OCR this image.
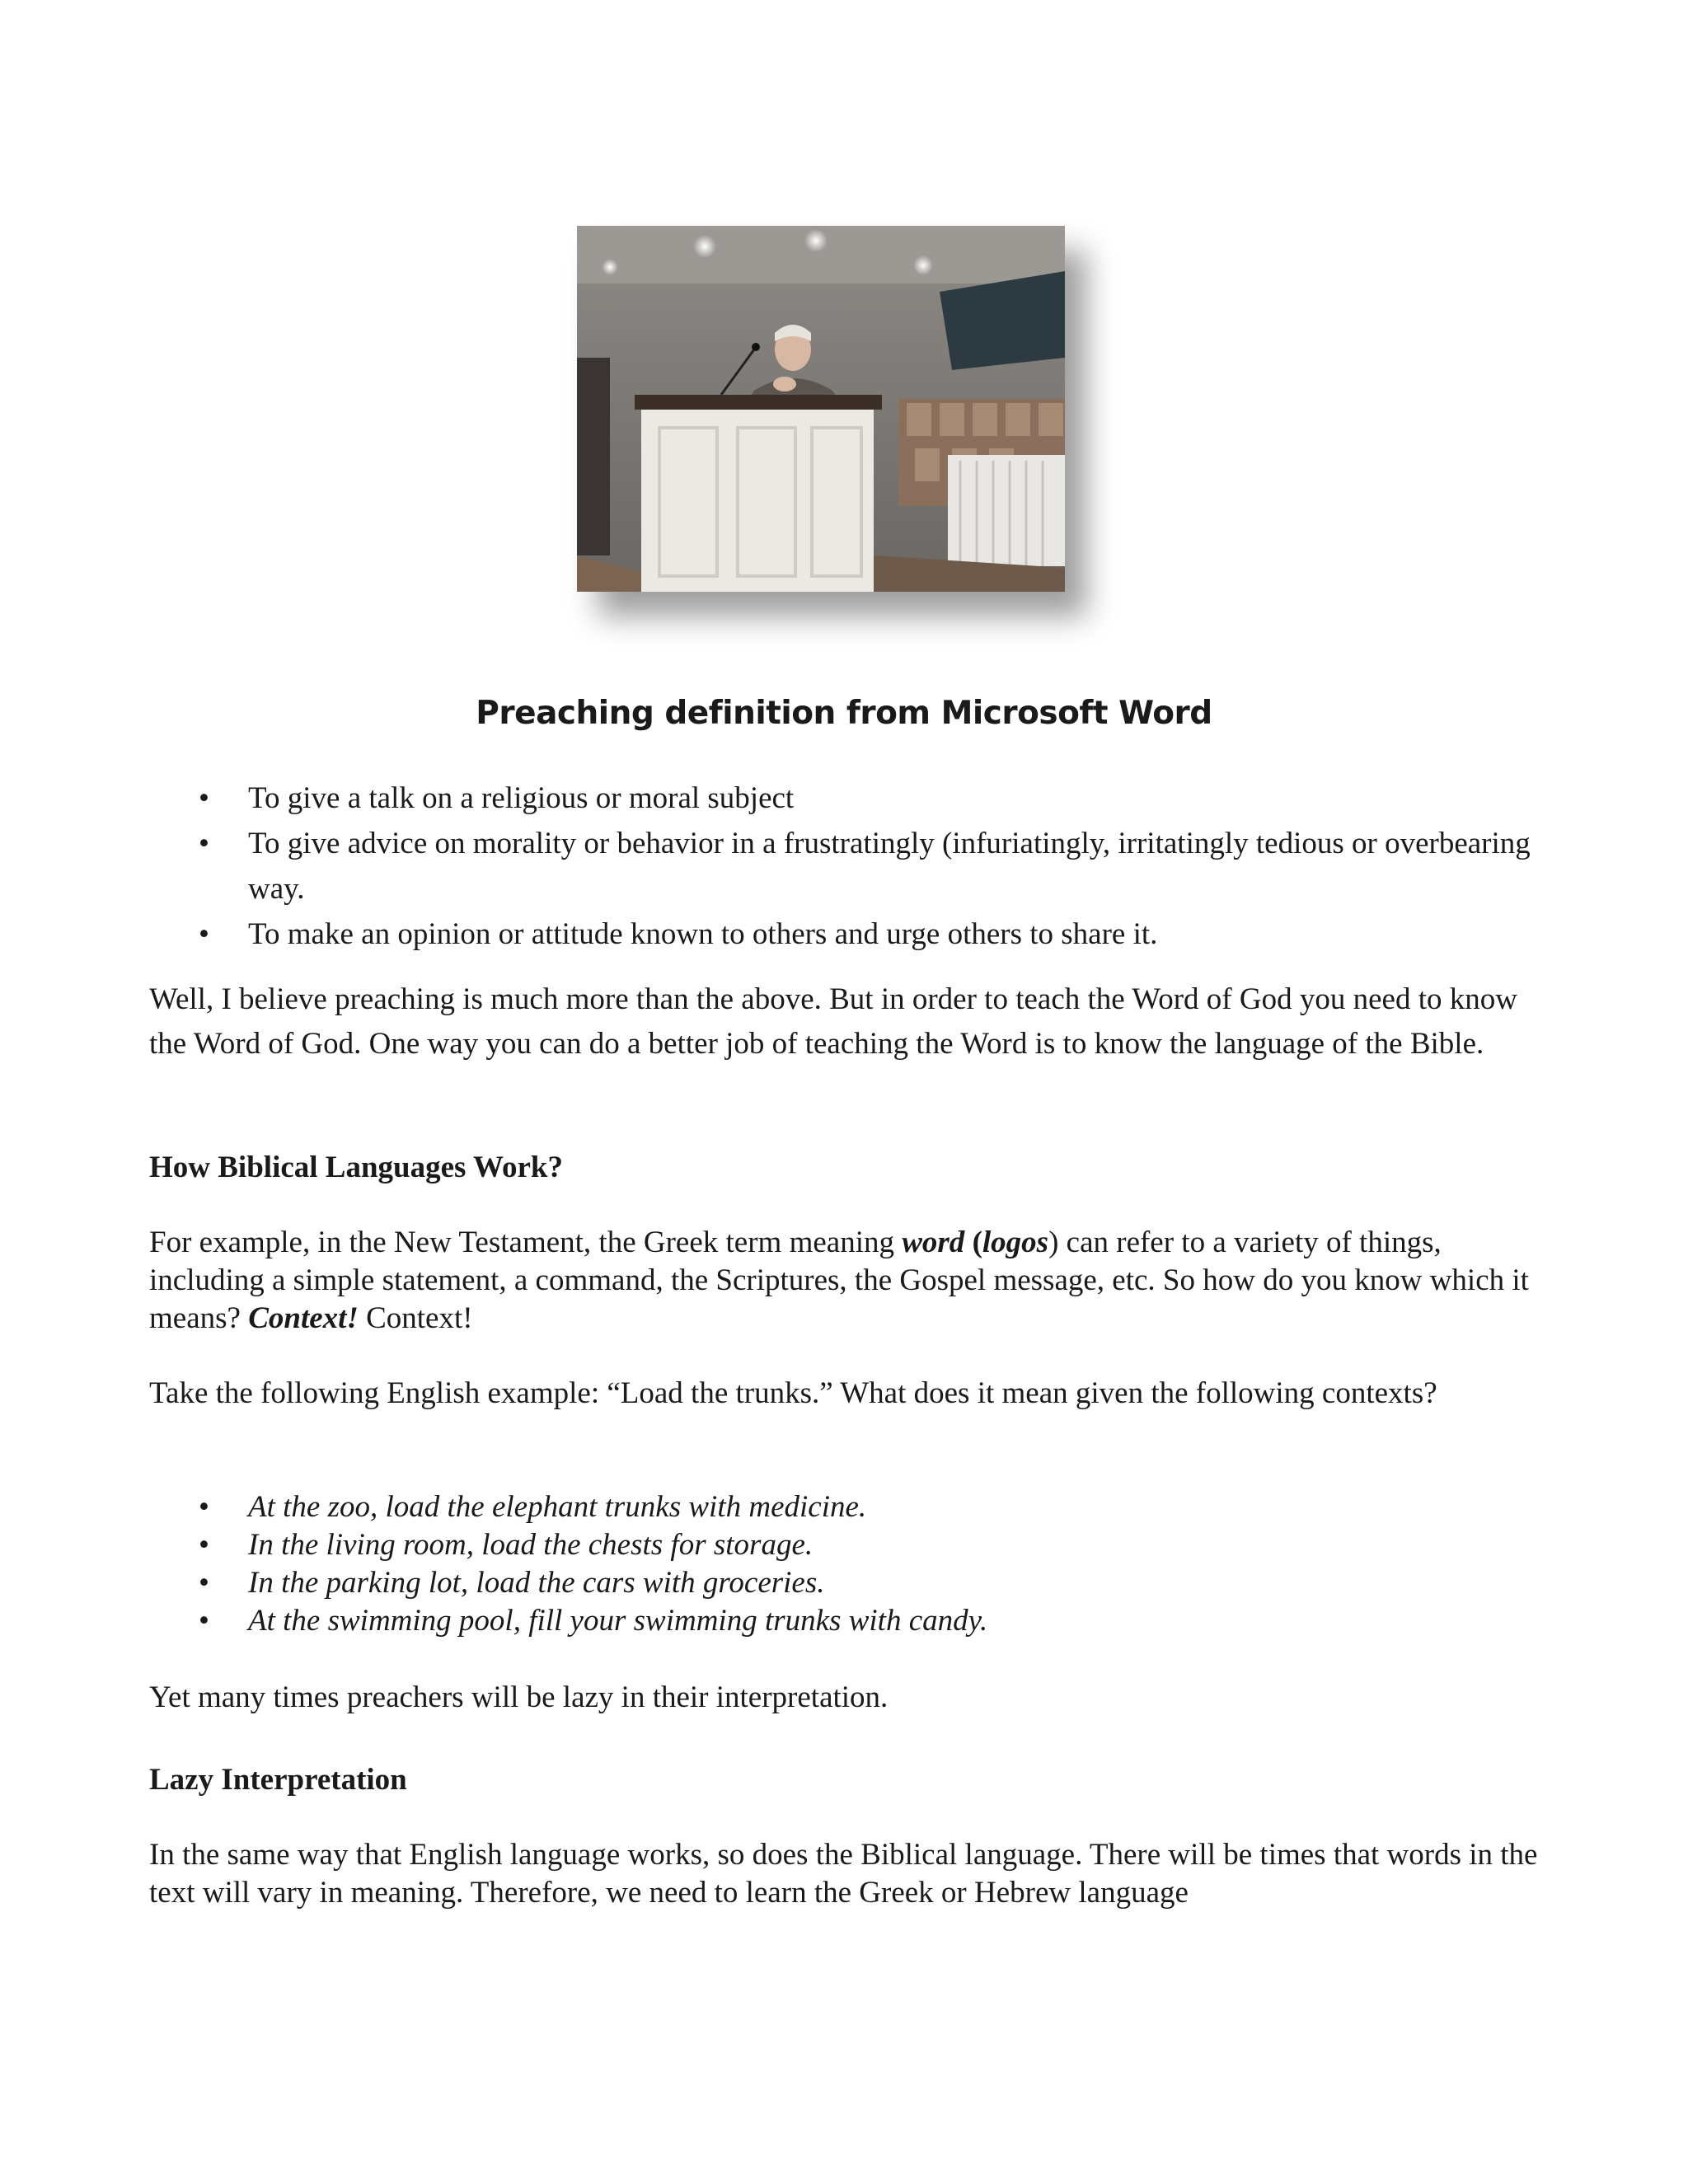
Preaching definition from Microsoft Word
• To give a talk on a religious or moral subject
• To give advice on morality or behavior in a frustratingly (infuriatingly, irritatingly tedious or overbearing way.
• To make an opinion or attitude known to others and urge others to share it.

Well, I believe preaching is much more than the above. But in order to teach the Word of God you need to know the Word of God. One way you can do a better job of teaching the Word is to know the language of the Bible.

How Biblical Languages Work?

For example, in the New Testament, the Greek term meaning word (logos) can refer to a variety of things, including a simple statement, a command, the Scriptures, the Gospel message, etc. So how do you know which it means? Context! Context!

Take the following English example: “Load the trunks.” What does it mean given the following contexts?

• At the zoo, load the elephant trunks with medicine.
• In the living room, load the chests for storage.
• In the parking lot, load the cars with groceries.
• At the swimming pool, fill your swimming trunks with candy.

Yet many times preachers will be lazy in their interpretation.

Lazy Interpretation

In the same way that English language works, so does the Biblical language. There will be times that words in the text will vary in meaning. Therefore, we need to learn the Greek or Hebrew language
